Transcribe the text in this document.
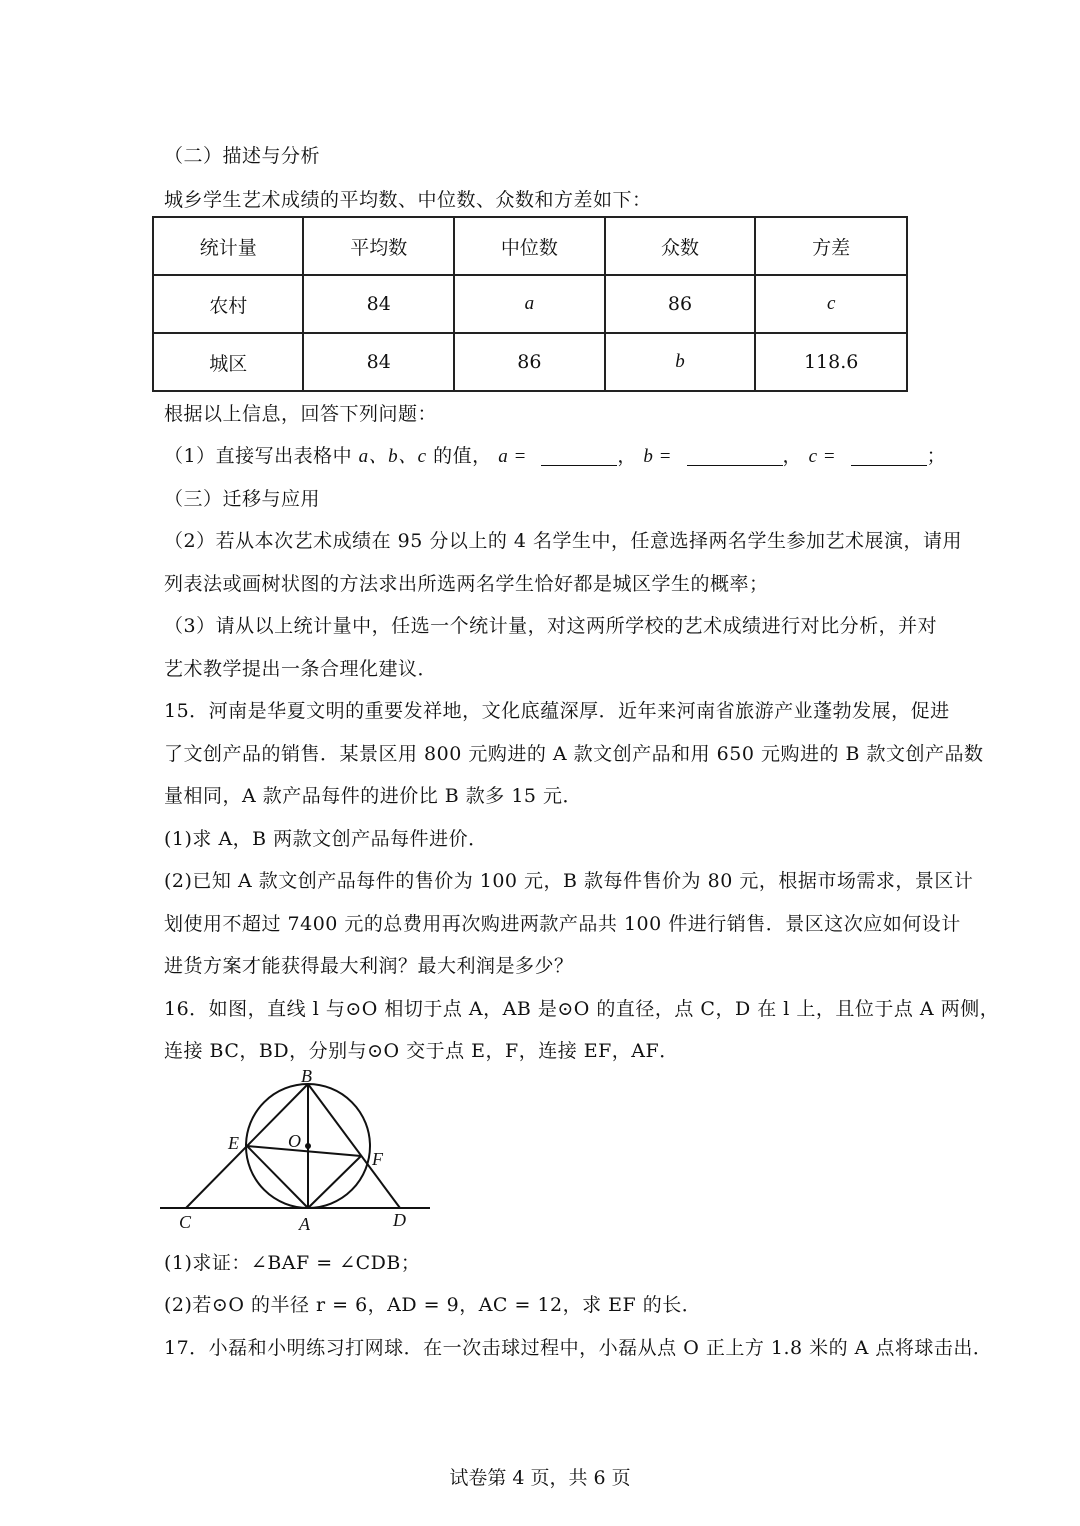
（二）描述与分析
城乡学生艺术成绩的平均数、中位数、众数和方差如下：
统计量	平均数	中位数	众数	方差
农村	84	a	86	c
城区	84	86	b	118.6
根据以上信息，回答下列问题：
（1）直接写出表格中 a、b、c 的值， a =	， b =	， c =	；
（三）迁移与应用
（2）若从本次艺术成绩在 95 分以上的 4 名学生中，任意选择两名学生参加艺术展演，请用
列表法或画树状图的方法求出所选两名学生恰好都是城区学生的概率；
（3）请从以上统计量中，任选一个统计量，对这两所学校的艺术成绩进行对比分析，并对
艺术教学提出一条合理化建议．
15．河南是华夏文明的重要发祥地，文化底蕴深厚．近年来河南省旅游产业蓬勃发展，促进
了文创产品的销售．某景区用 800 元购进的 A 款文创产品和用 650 元购进的 B 款文创产品数
量相同，A 款产品每件的进价比 B 款多 15 元．
(1)求 A，B 两款文创产品每件进价．
(2)已知 A 款文创产品每件的售价为 100 元，B 款每件售价为 80 元，根据市场需求，景区计
划使用不超过 7400 元的总费用再次购进两款产品共 100 件进行销售．景区这次应如何设计
进货方案才能获得最大利润？最大利润是多少？
16．如图，直线 l 与⊙O 相切于点 A，AB 是⊙O 的直径，点 C，D 在 l 上，且位于点 A 两侧，
连接 BC，BD，分别与⊙O 交于点 E，F，连接 EF，AF．
B
O
E
F
C	A	D
(1)求证：∠BAF = ∠CDB；
(2)若⊙O 的半径 r = 6，AD = 9，AC = 12，求 EF 的长．
17．小磊和小明练习打网球．在一次击球过程中，小磊从点 O 正上方 1.8 米的 A 点将球击出．
试卷第 4 页，共 6 页
